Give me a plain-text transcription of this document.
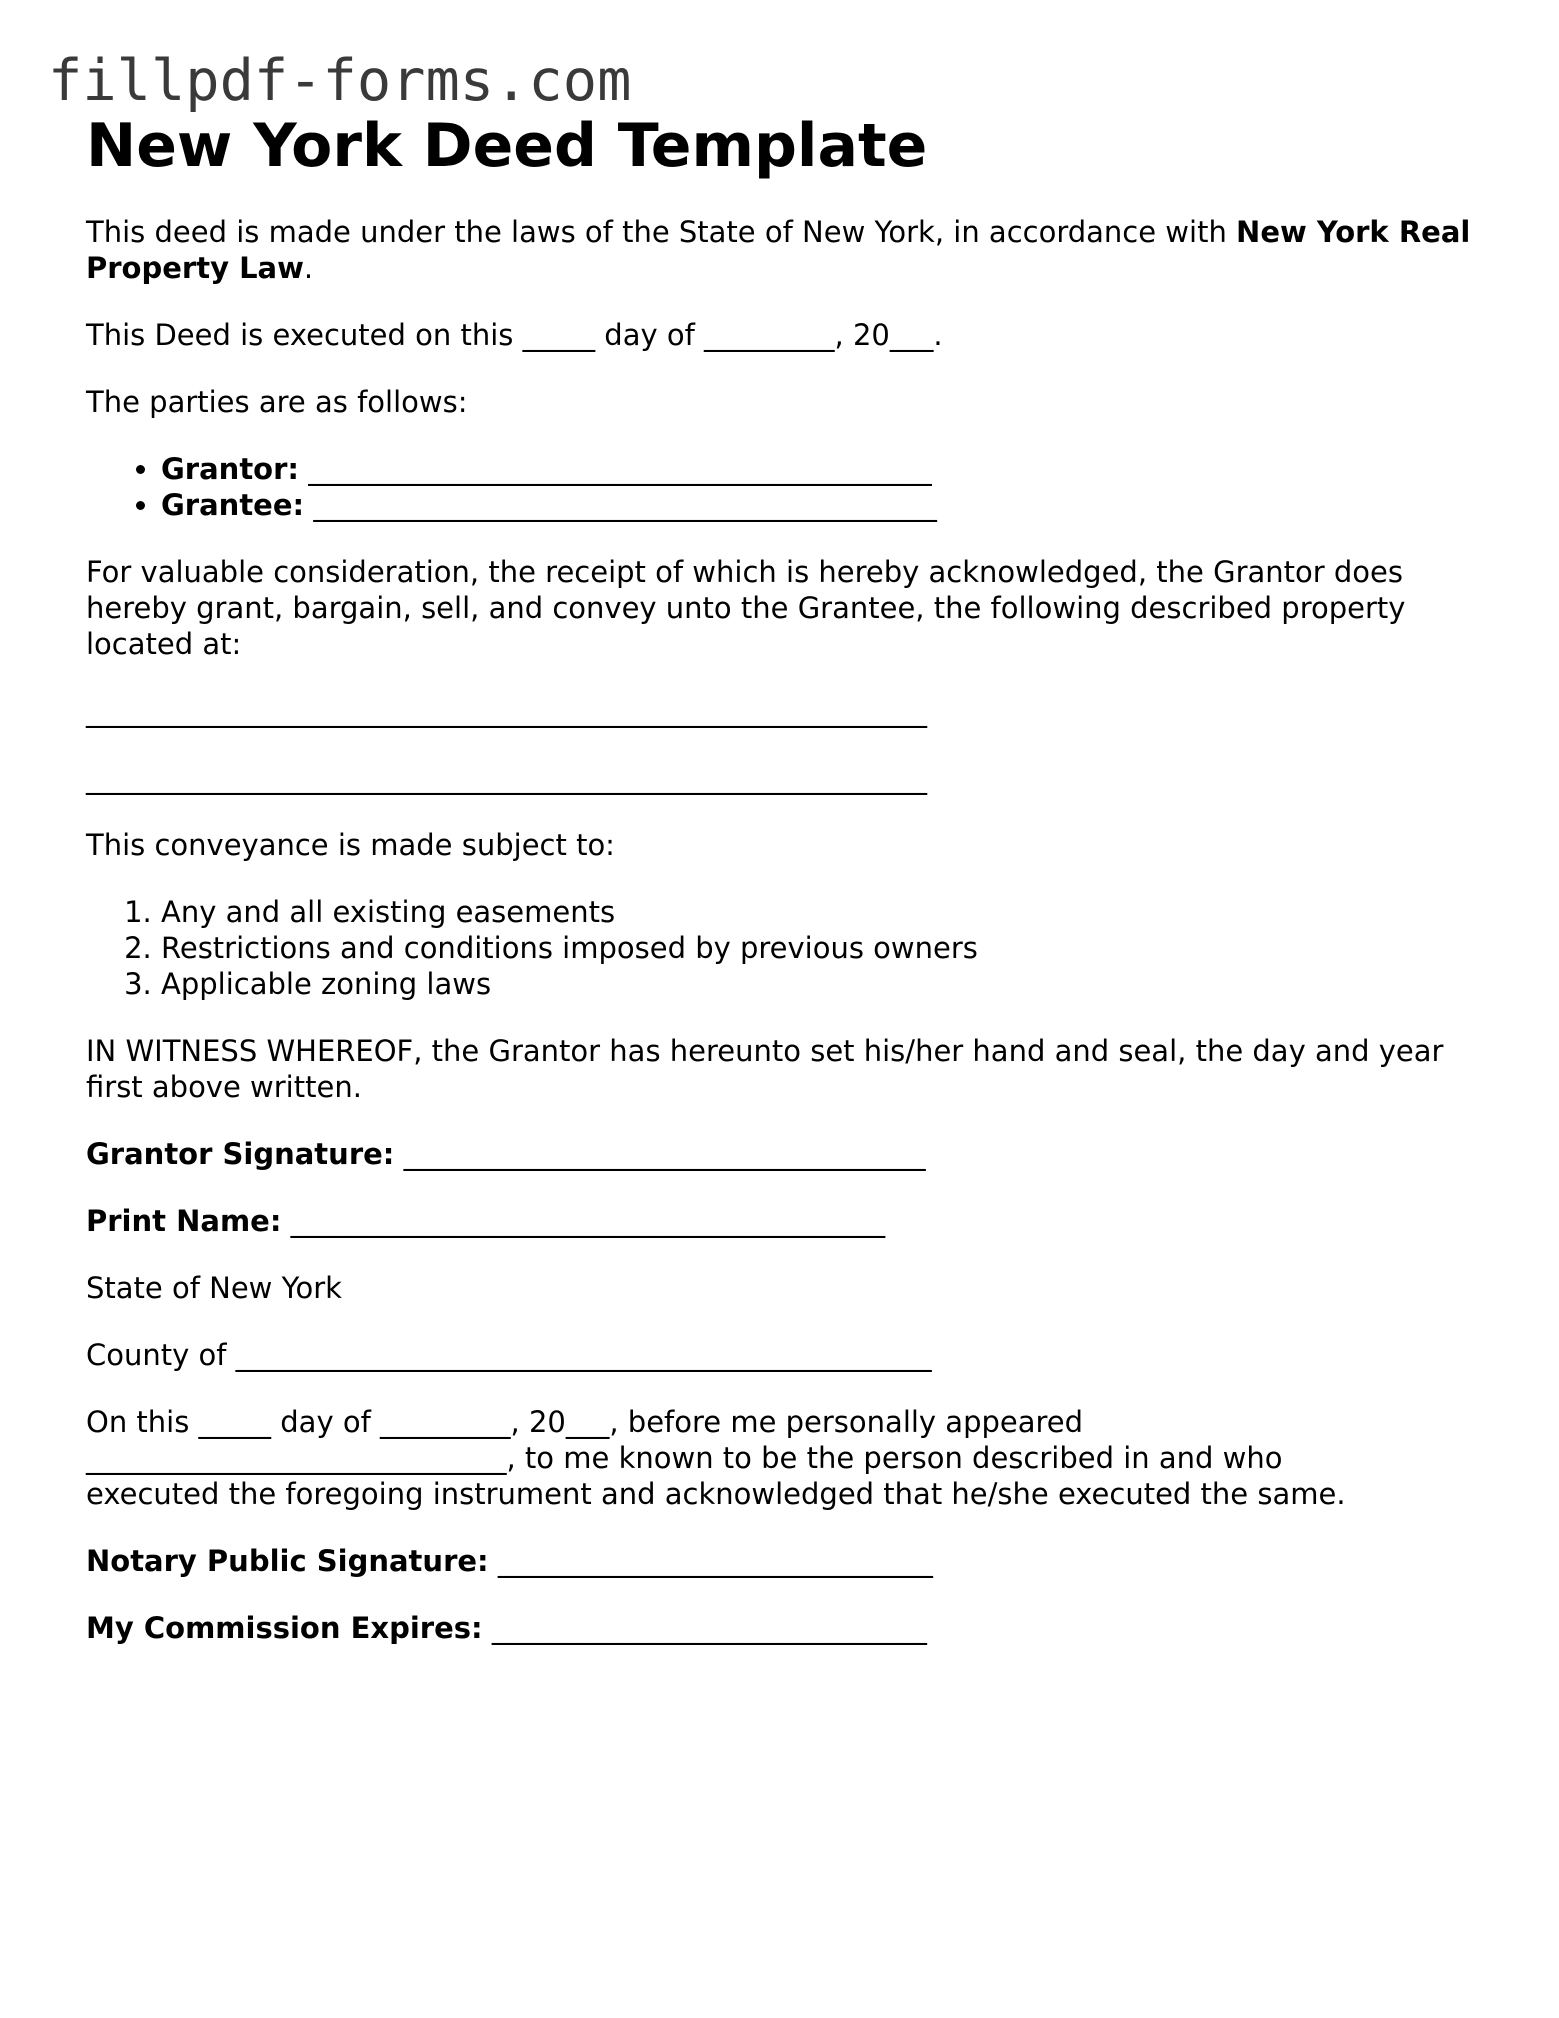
fillpdf-forms.com
New York Deed Template

This deed is made under the laws of the State of New York, in accordance with New York Real Property Law.

This Deed is executed on this _____ day of _________, 20___.

The parties are as follows:

• Grantor: ___________________________________________
• Grantee: ___________________________________________

For valuable consideration, the receipt of which is hereby acknowledged, the Grantor does hereby grant, bargain, sell, and convey unto the Grantee, the following described property located at:

__________________________________________________________

__________________________________________________________

This conveyance is made subject to:

1. Any and all existing easements
2. Restrictions and conditions imposed by previous owners
3. Applicable zoning laws

IN WITNESS WHEREOF, the Grantor has hereunto set his/her hand and seal, the day and year first above written.

Grantor Signature: ____________________________________

Print Name: _________________________________________

State of New York

County of ________________________________________________

On this _____ day of _________, 20___, before me personally appeared
_____________________________, to me known to be the person described in and who
executed the foregoing instrument and acknowledged that he/she executed the same.

Notary Public Signature: ______________________________

My Commission Expires: ______________________________
